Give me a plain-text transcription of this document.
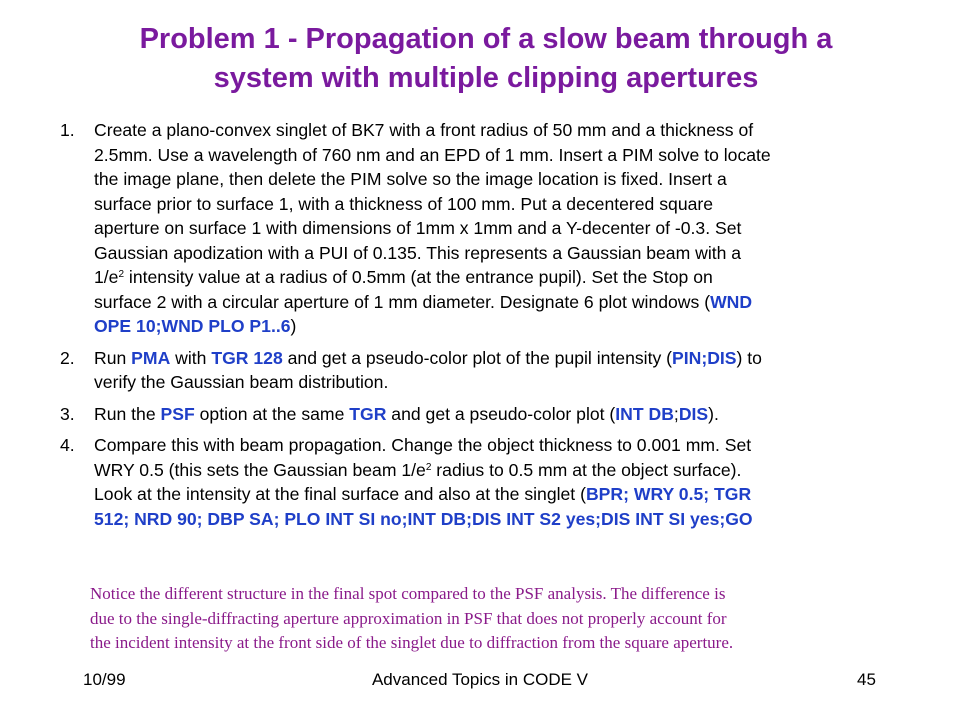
Problem 1 - Propagation of a slow beam through a
system with multiple clipping apertures
1. Create a plano-convex singlet of BK7 with a front radius of 50 mm and a thickness of
2.5mm. Use a wavelength of 760 nm and an EPD of 1 mm. Insert a PIM solve to locate
the image plane, then delete the PIM solve so the image location is fixed. Insert a
surface prior to surface 1, with a thickness of 100 mm. Put a decentered square
aperture on surface 1 with dimensions of 1mm x 1mm and a Y-decenter of -0.3. Set
Gaussian apodization with a PUI of 0.135. This represents a Gaussian beam with a
$1/e^2$ intensity value at a radius of 0.5mm (at the entrance pupil). Set the Stop on
surface 2 with a circular aperture of 1 mm diameter. Designate 6 plot windows (WND
OPE 10;WND PLO P1..6)
2. Run PMA with TGR 128 and get a pseudo-color plot of the pupil intensity (PIN;DIS) to
verify the Gaussian beam distribution.
3. Run the PSF option at the same TGR and get a pseudo-color plot (INT DB;DIS).
4. Compare this with beam propagation. Change the object thickness to 0.001 mm. Set
WRY 0.5 (this sets the Gaussian beam $1/e^2$ radius to 0.5 mm at the object surface).
Look at the intensity at the final surface and also at the singlet (BPR; WRY 0.5; TGR
512; NRD 90; DBP SA; PLO INT SI no;INT DB;DIS INT S2 yes;DIS INT SI yes;GO
Notice the different structure in the final spot compared to the PSF analysis. The difference is
due to the single-diffracting aperture approximation in PSF that does not properly account for
the incident intensity at the front side of the singlet due to diffraction from the square aperture.
Advanced Topics in CODE V
10/99	45
